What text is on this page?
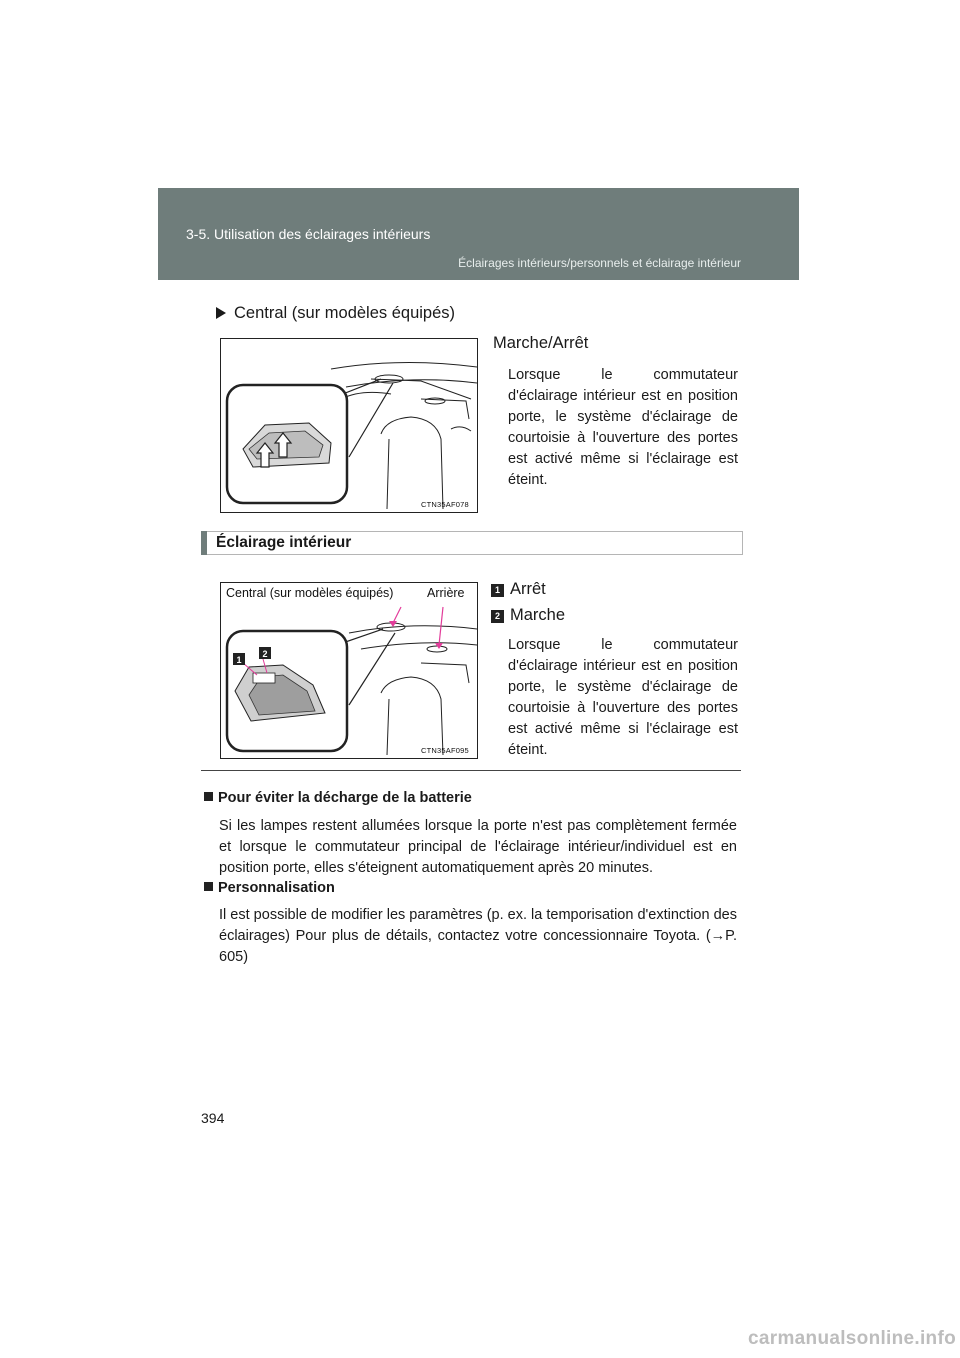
3-5. Utilisation des éclairages intérieurs
Éclairages intérieurs/personnels et éclairage intérieur
Central (sur modèles équipés)
CTN35AF078
Marche/Arrêt
Lorsque le commutateur d'éclairage intérieur est en position porte, le système d'éclairage de courtoisie à l'ouverture des portes est activé même si l'éclairage est éteint.
Éclairage intérieur
1
2
Central (sur modèles équipés)	Arrière
CTN35AF095
1 Arrêt
2 Marche
Lorsque le commutateur d'éclairage intérieur est en position porte, le système d'éclairage de courtoisie à l'ouverture des portes est activé même si l'éclairage est éteint.
Pour éviter la décharge de la batterie
Si les lampes restent allumées lorsque la porte n'est pas complètement fermée et lorsque le commutateur principal de l'éclairage intérieur/individuel est en position porte, elles s'éteignent automatiquement après 20 minutes.
Personnalisation
Il est possible de modifier les paramètres (p. ex. la temporisation d'extinction des éclairages) Pour plus de détails, contactez votre concessionnaire Toyota. (→P. 605)
394
carmanualsonline.info
